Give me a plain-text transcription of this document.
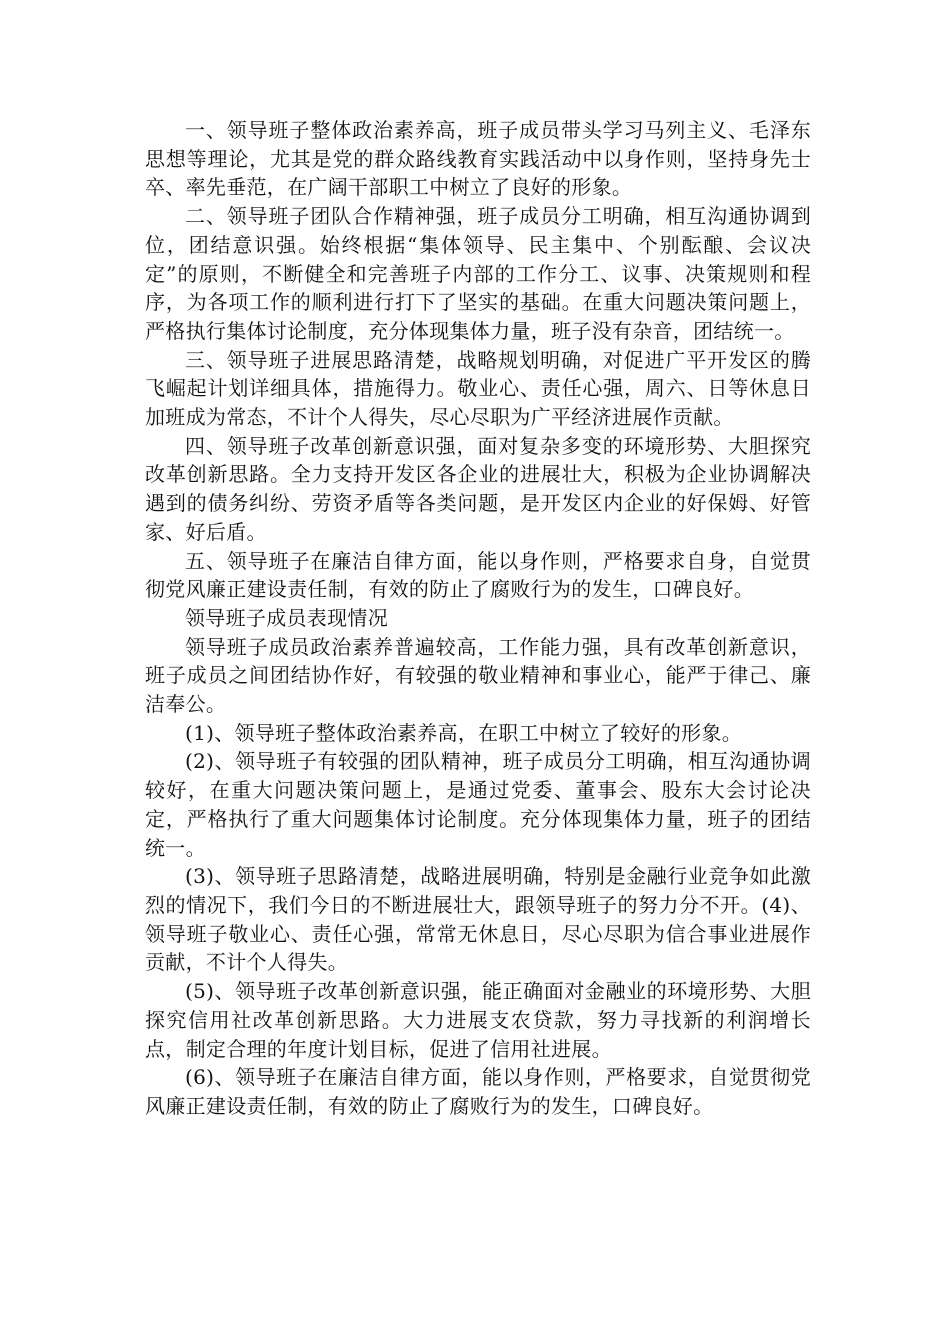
一、领导班子整体政治素养高，班子成员带头学习马列主义、毛泽东思想等理论，尤其是党的群众路线教育实践活动中以身作则，坚持身先士卒、率先垂范，在广阔干部职工中树立了良好的形象。

二、领导班子团队合作精神强，班子成员分工明确，相互沟通协调到位，团结意识强。始终根据“集体领导、民主集中、个别酝酿、会议决定”的原则，不断健全和完善班子内部的工作分工、议事、决策规则和程序，为各项工作的顺利进行打下了坚实的基础。在重大问题决策问题上，严格执行集体讨论制度，充分体现集体力量，班子没有杂音，团结统一。

三、领导班子进展思路清楚，战略规划明确，对促进广平开发区的腾飞崛起计划详细具体，措施得力。敬业心、责任心强，周六、日等休息日加班成为常态，不计个人得失，尽心尽职为广平经济进展作贡献。

四、领导班子改革创新意识强，面对复杂多变的环境形势、大胆探究改革创新思路。全力支持开发区各企业的进展壮大，积极为企业协调解决遇到的债务纠纷、劳资矛盾等各类问题，是开发区内企业的好保姆、好管家、好后盾。

五、领导班子在廉洁自律方面，能以身作则，严格要求自身，自觉贯彻党风廉正建设责任制，有效的防止了腐败行为的发生，口碑良好。

领导班子成员表现情况

领导班子成员政治素养普遍较高，工作能力强，具有改革创新意识，班子成员之间团结协作好，有较强的敬业精神和事业心，能严于律己、廉洁奉公。

(1)、领导班子整体政治素养高，在职工中树立了较好的形象。

(2)、领导班子有较强的团队精神，班子成员分工明确，相互沟通协调较好，在重大问题决策问题上，是通过党委、董事会、股东大会讨论决定，严格执行了重大问题集体讨论制度。充分体现集体力量，班子的团结统一。

(3)、领导班子思路清楚，战略进展明确，特别是金融行业竞争如此激烈的情况下，我们今日的不断进展壮大，跟领导班子的努力分不开。(4)、领导班子敬业心、责任心强，常常无休息日，尽心尽职为信合事业进展作贡献，不计个人得失。

(5)、领导班子改革创新意识强，能正确面对金融业的环境形势、大胆探究信用社改革创新思路。大力进展支农贷款，努力寻找新的利润增长点，制定合理的年度计划目标，促进了信用社进展。

(6)、领导班子在廉洁自律方面，能以身作则，严格要求，自觉贯彻党风廉正建设责任制，有效的防止了腐败行为的发生，口碑良好。
